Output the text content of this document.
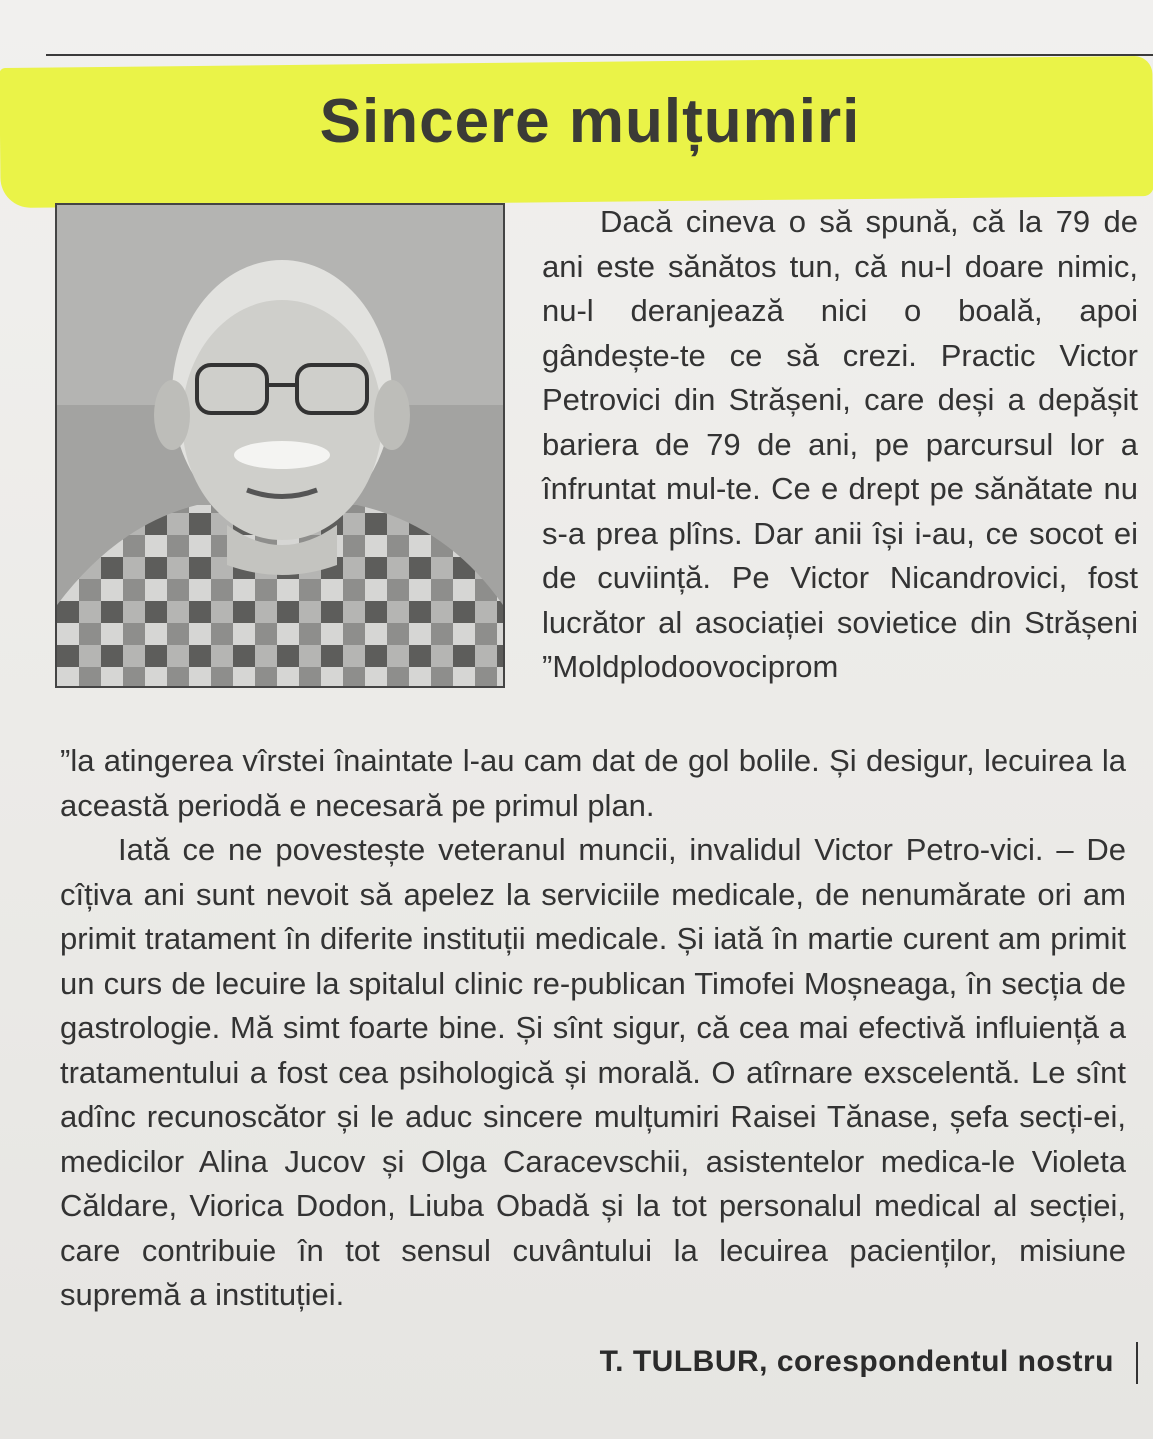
Sincere mulțumiri

Dacă cineva o să spună, că la 79 de ani este sănătos tun, că nu-l doare nimic, nu-l deranjează nici o boală, apoi gândește-te ce să crezi. Practic Victor Petrovici din Strășeni, care deși a depășit bariera de 79 de ani, pe parcursul lor a înfruntat mul-te. Ce e drept pe sănătate nu s-a prea plîns. Dar anii își i-au, ce socot ei de cuviință. Pe Victor Nicandrovici, fost lucrător al asociației sovietice din Strășeni ”Moldplodoovociprom

”la atingerea vîrstei înaintate l-au cam dat de gol bolile. Și desigur, lecuirea la această periodă e necesară pe primul plan.

Iată ce ne povestește veteranul muncii, invalidul Victor Petro-vici. – De cîțiva ani sunt nevoit să apelez la serviciile medicale, de nenumărate ori am primit tratament în diferite instituții medicale. Și iată în martie curent am primit un curs de lecuire la spitalul clinic re-publican Timofei Moșneaga, în secția de gastrologie. Mă simt foarte bine. Și sînt sigur, că cea mai efectivă influiență a tratamentului a fost cea psihologică și morală. O atîrnare exscelentă. Le sînt adînc recunoscător și le aduc sincere mulțumiri Raisei Tănase, șefa secți-ei, medicilor Alina Jucov și Olga Caracevschii, asistentelor medica-le Violeta Căldare, Viorica Dodon, Liuba Obadă și la tot personalul medical al secției, care contribuie în tot sensul cuvântului la lecuirea pacienților, misiune supremă a instituției.

T. TULBUR, corespondentul nostru
